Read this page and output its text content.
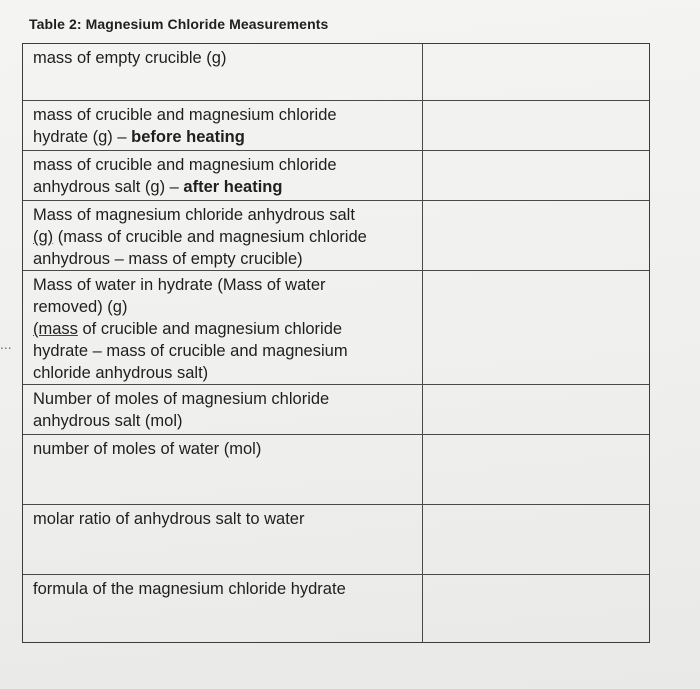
Table 2: Magnesium Chloride Measurements
...
mass of empty crucible (g)
mass of crucible and magnesium chloride
hydrate (g) – before heating
mass of crucible and magnesium chloride
anhydrous salt (g) – after heating
Mass of magnesium chloride anhydrous salt
(g) (mass of crucible and magnesium chloride
anhydrous – mass of empty crucible)
Mass of water in hydrate (Mass of water
removed) (g)
(mass of crucible and magnesium chloride
hydrate – mass of crucible and magnesium
chloride anhydrous salt)
Number of moles of magnesium chloride
anhydrous salt (mol)
number of moles of water (mol)
molar ratio of anhydrous salt to water
formula of the magnesium chloride hydrate
